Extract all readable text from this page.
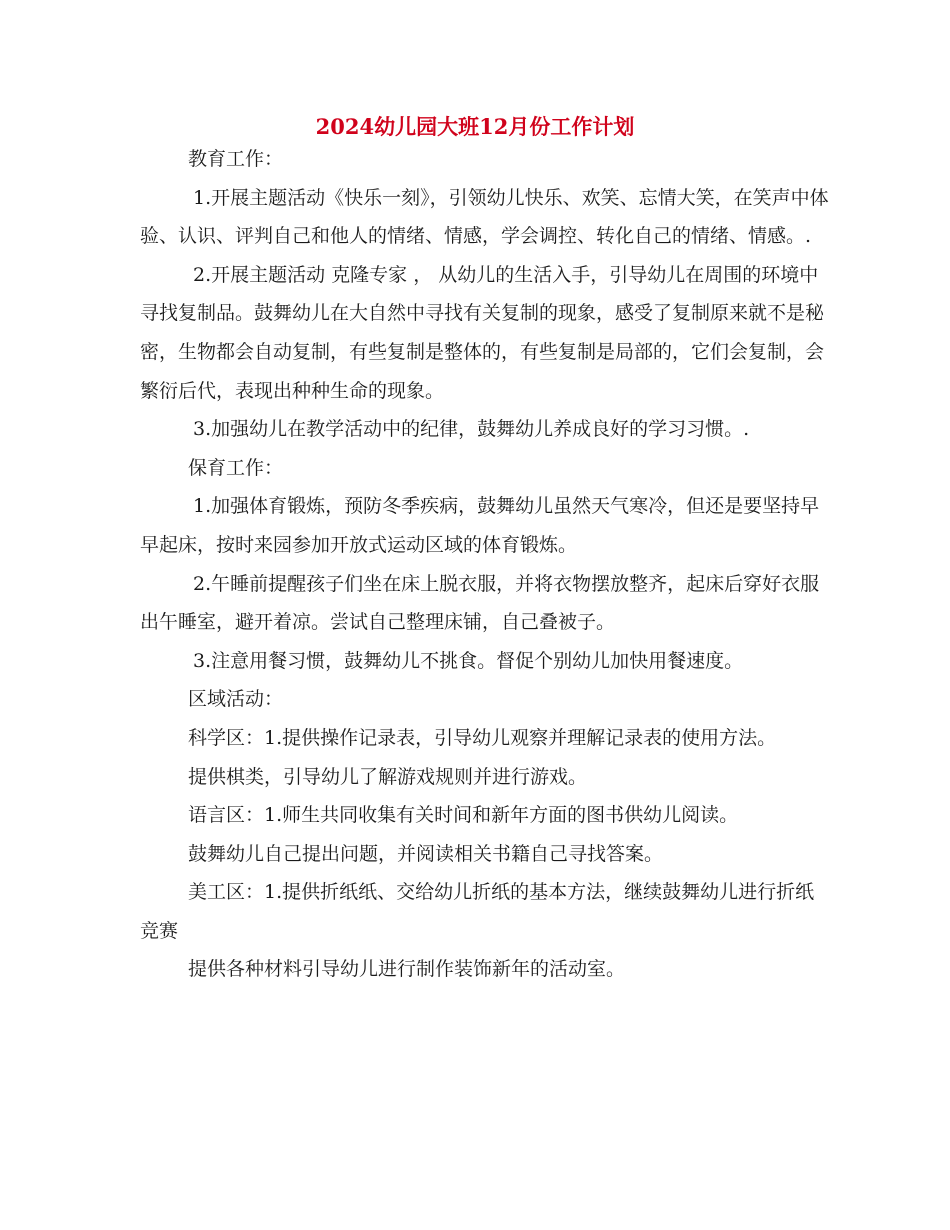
2024幼儿园大班12月份工作计划

教育工作：

1.开展主题活动《快乐一刻》，引领幼儿快乐、欢笑、忘情大笑，在笑声中体验、认识、评判自己和他人的情绪、情感，学会调控、转化自己的情绪、情感。.

2.开展主题活动 克隆专家 ， 从幼儿的生活入手，引导幼儿在周围的环境中寻找复制品。鼓舞幼儿在大自然中寻找有关复制的现象，感受了复制原来就不是秘密，生物都会自动复制，有些复制是整体的，有些复制是局部的，它们会复制，会繁衍后代，表现出种种生命的现象。

3.加强幼儿在教学活动中的纪律，鼓舞幼儿养成良好的学习习惯。.

保育工作：

1.加强体育锻炼，预防冬季疾病，鼓舞幼儿虽然天气寒冷，但还是要坚持早早起床，按时来园参加开放式运动区域的体育锻炼。

2.午睡前提醒孩子们坐在床上脱衣服，并将衣物摆放整齐，起床后穿好衣服出午睡室，避开着凉。尝试自己整理床铺，自己叠被子。

3.注意用餐习惯，鼓舞幼儿不挑食。督促个别幼儿加快用餐速度。

区域活动：

科学区：1.提供操作记录表，引导幼儿观察并理解记录表的使用方法。

提供棋类，引导幼儿了解游戏规则并进行游戏。

语言区：1.师生共同收集有关时间和新年方面的图书供幼儿阅读。

鼓舞幼儿自己提出问题，并阅读相关书籍自己寻找答案。

美工区：1.提供折纸纸、交给幼儿折纸的基本方法，继续鼓舞幼儿进行折纸竞赛

提供各种材料引导幼儿进行制作装饰新年的活动室。
